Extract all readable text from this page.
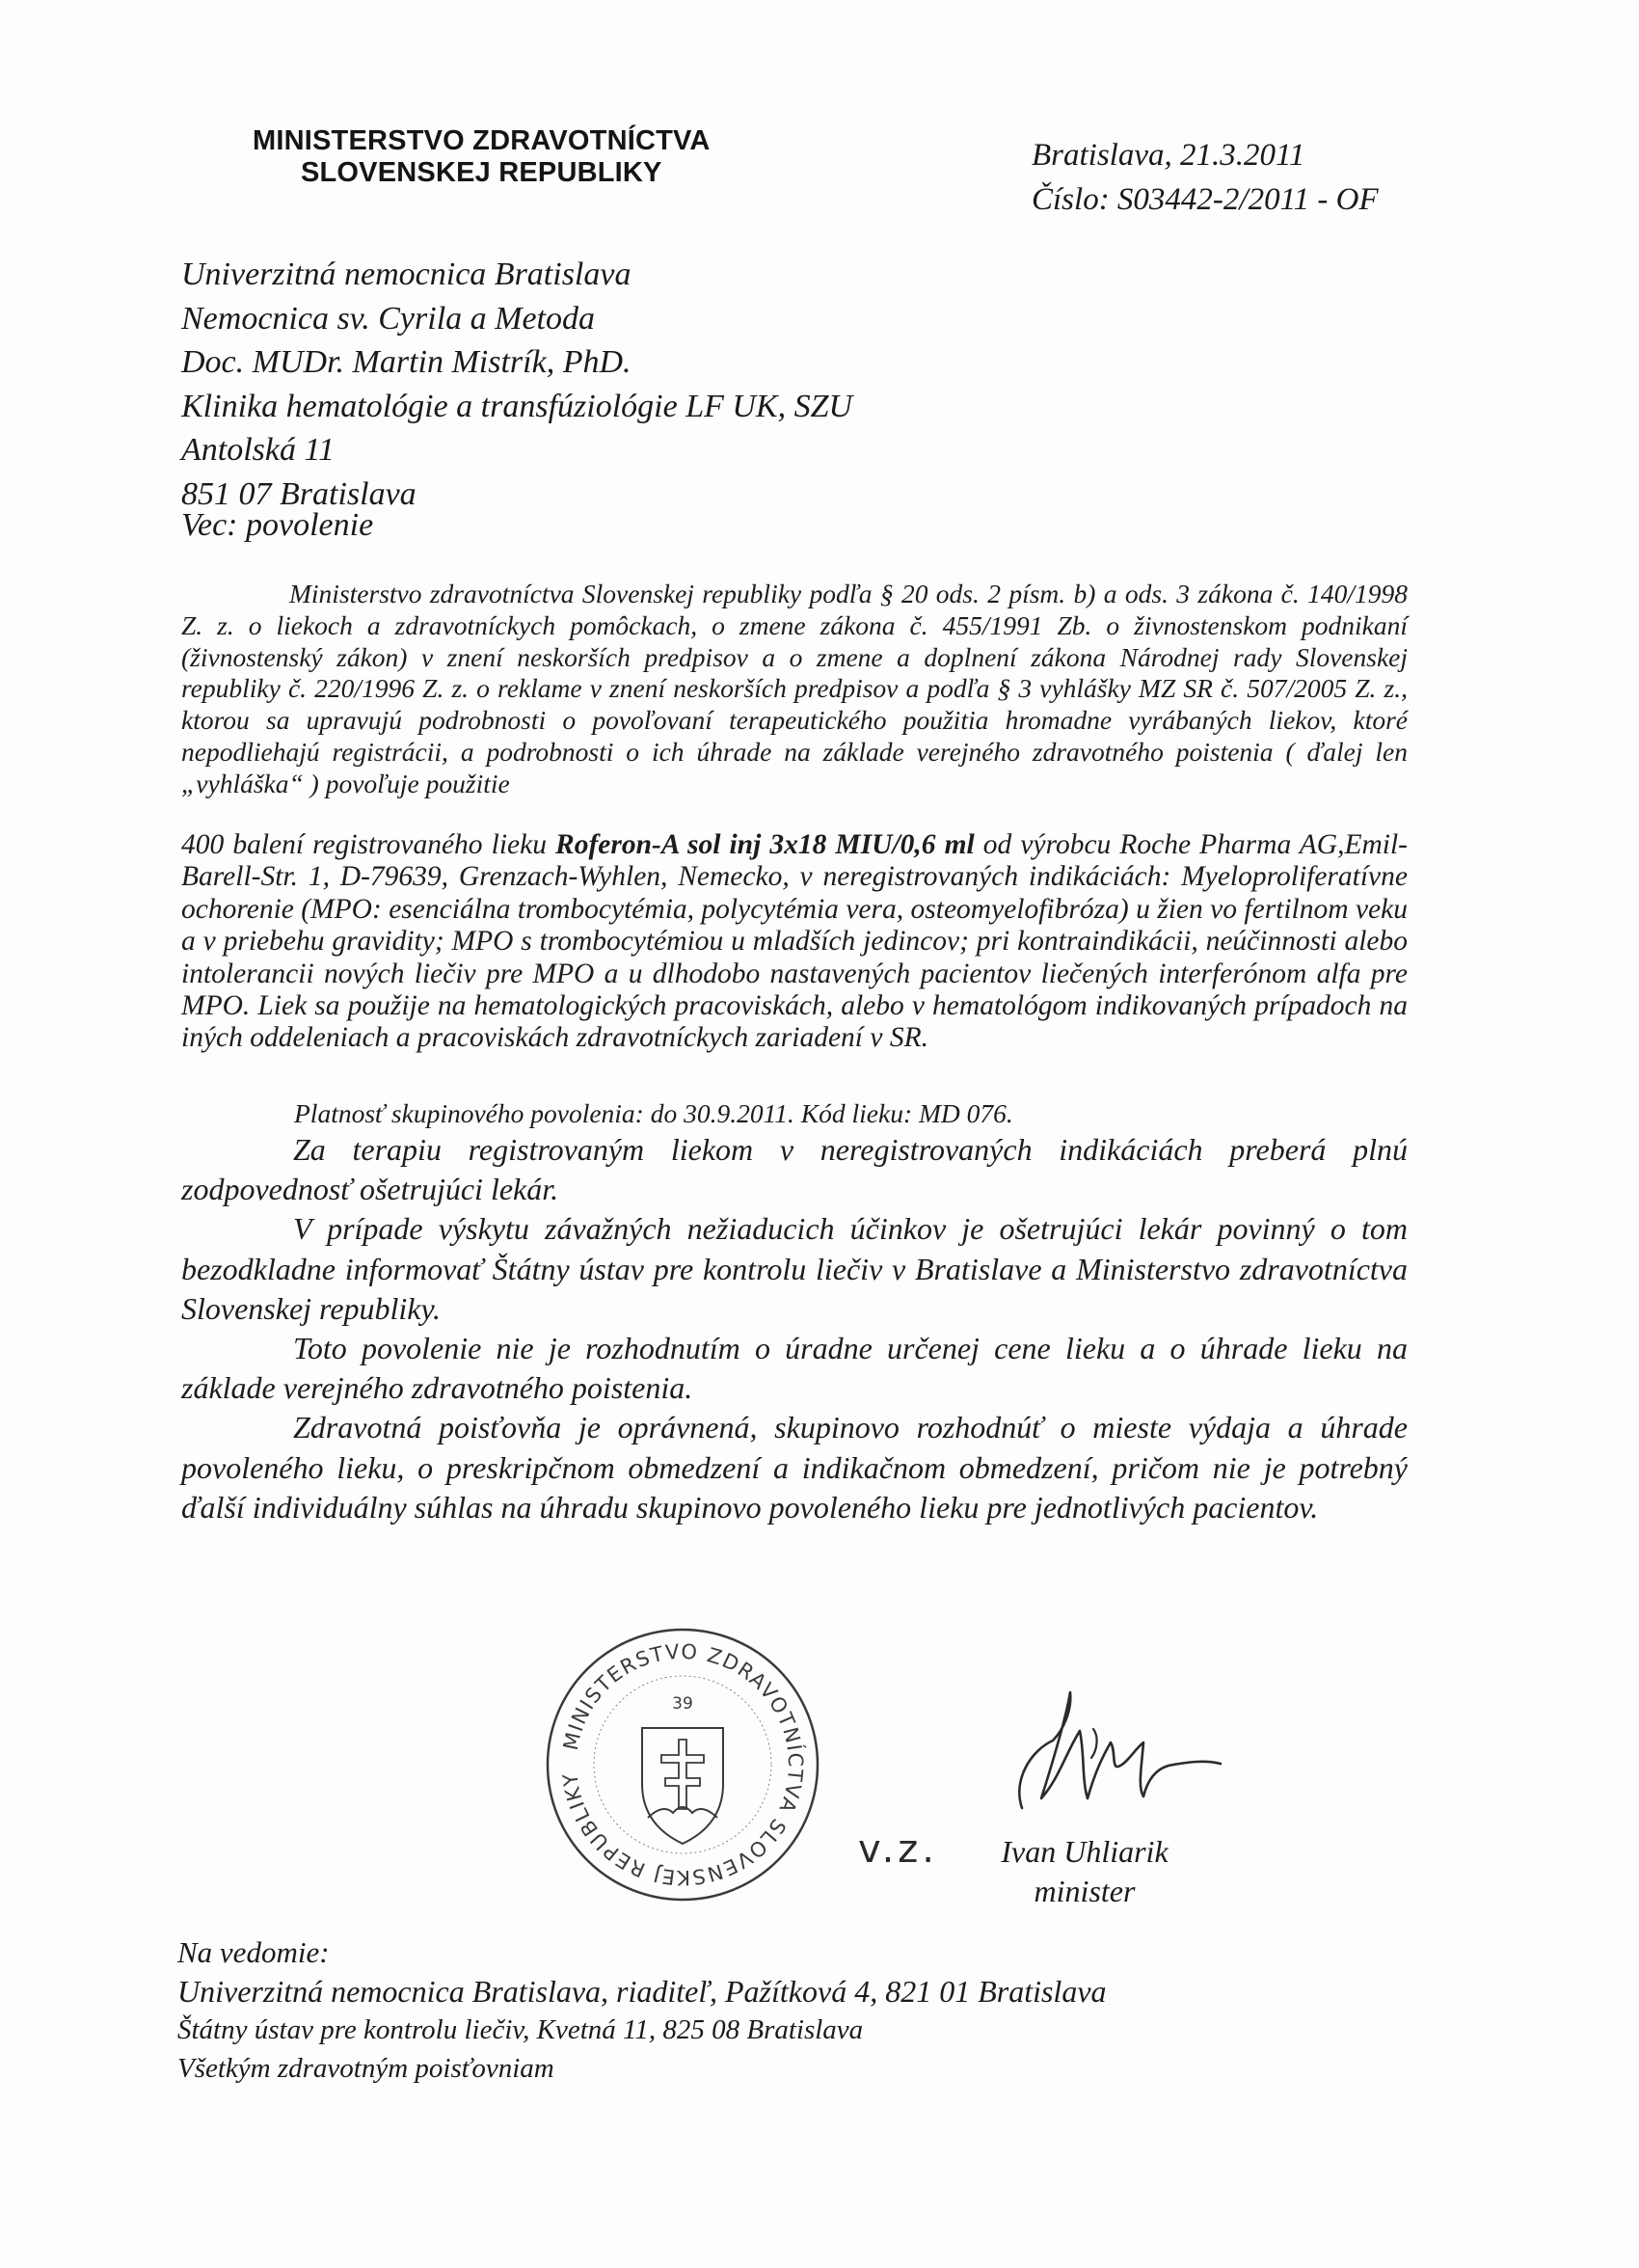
MINISTERSTVO ZDRAVOTNÍCTVA
SLOVENSKEJ REPUBLIKY	Bratislava, 21.3.2011
Číslo: S03442-2/2011 - OF
Univerzitná nemocnica Bratislava
Nemocnica sv. Cyrila a Metoda
Doc. MUDr. Martin Mistrík, PhD.
Klinika hematológie a transfúziológie LF UK, SZU
Antolská 11
851 07 Bratislava
Vec: povolenie
Ministerstvo zdravotníctva Slovenskej republiky podľa § 20 ods. 2 písm. b) a ods. 3 zákona č. 140/1998 Z. z. o liekoch a zdravotníckych pomôckach, o zmene zákona č. 455/1991 Zb. o živnostenskom podnikaní (živnostenský zákon) v znení neskorších predpisov a o zmene a doplnení zákona Národnej rady Slovenskej republiky č. 220/1996 Z. z. o reklame v znení neskorších predpisov a podľa § 3 vyhlášky MZ SR č. 507/2005 Z. z., ktorou sa upravujú podrobnosti o povoľovaní terapeutického použitia hromadne vyrábaných liekov, ktoré nepodliehajú registrácii, a podrobnosti o ich úhrade na základe verejného zdravotného poistenia ( ďalej len „vyhláška“ ) povoľuje použitie
400 balení registrovaného lieku Roferon-A sol inj 3x18 MIU/0,6 ml od výrobcu Roche Pharma AG,Emil-Barell-Str. 1, D-79639, Grenzach-Wyhlen, Nemecko, v neregistrovaných indikáciách: Myeloproliferatívne ochorenie (MPO: esenciálna trombocytémia, polycytémia vera, osteomyelofibróza) u žien vo fertilnom veku a v priebehu gravidity; MPO s trombocytémiou u mladších jedincov; pri kontraindikácii, neúčinnosti alebo intolerancii nových liečiv pre MPO a u dlhodobo nastavených pacientov liečených interferónom alfa pre MPO. Liek sa použije na hematologických pracoviskách, alebo v hematológom indikovaných prípadoch na iných oddeleniach a pracoviskách zdravotníckych zariadení v SR.
Platnosť skupinového povolenia: do 30.9.2011. Kód lieku: MD 076.

Za terapiu registrovaným liekom v neregistrovaných indikáciách preberá plnú zodpovednosť ošetrujúci lekár.

V prípade výskytu závažných nežiaducich účinkov je ošetrujúci lekár povinný o tom bezodkladne informovať Štátny ústav pre kontrolu liečiv v Bratislave a Ministerstvo zdravotníctva Slovenskej republiky.

Toto povolenie nie je rozhodnutím o úradne určenej cene lieku a o úhrade lieku na základe verejného zdravotného poistenia.

Zdravotná poisťovňa je oprávnená, skupinovo rozhodnúť o mieste výdaja a úhrade povoleného lieku, o preskripčnom obmedzení a indikačnom obmedzení, pričom nie je potrebný ďalší individuálny súhlas na úhradu skupinovo povoleného lieku pre jednotlivých pacientov.

MINISTERSTVO ZDRAVOTNÍCTVA SLOVENSKEJ REPUBLIKY
39
v.z.	Ivan Uhliarik
minister
Na vedomie:
Univerzitná nemocnica Bratislava, riaditeľ, Pažítková 4, 821 01 Bratislava
Štátny ústav pre kontrolu liečiv, Kvetná 11, 825 08 Bratislava
Všetkým zdravotným poisťovniam
